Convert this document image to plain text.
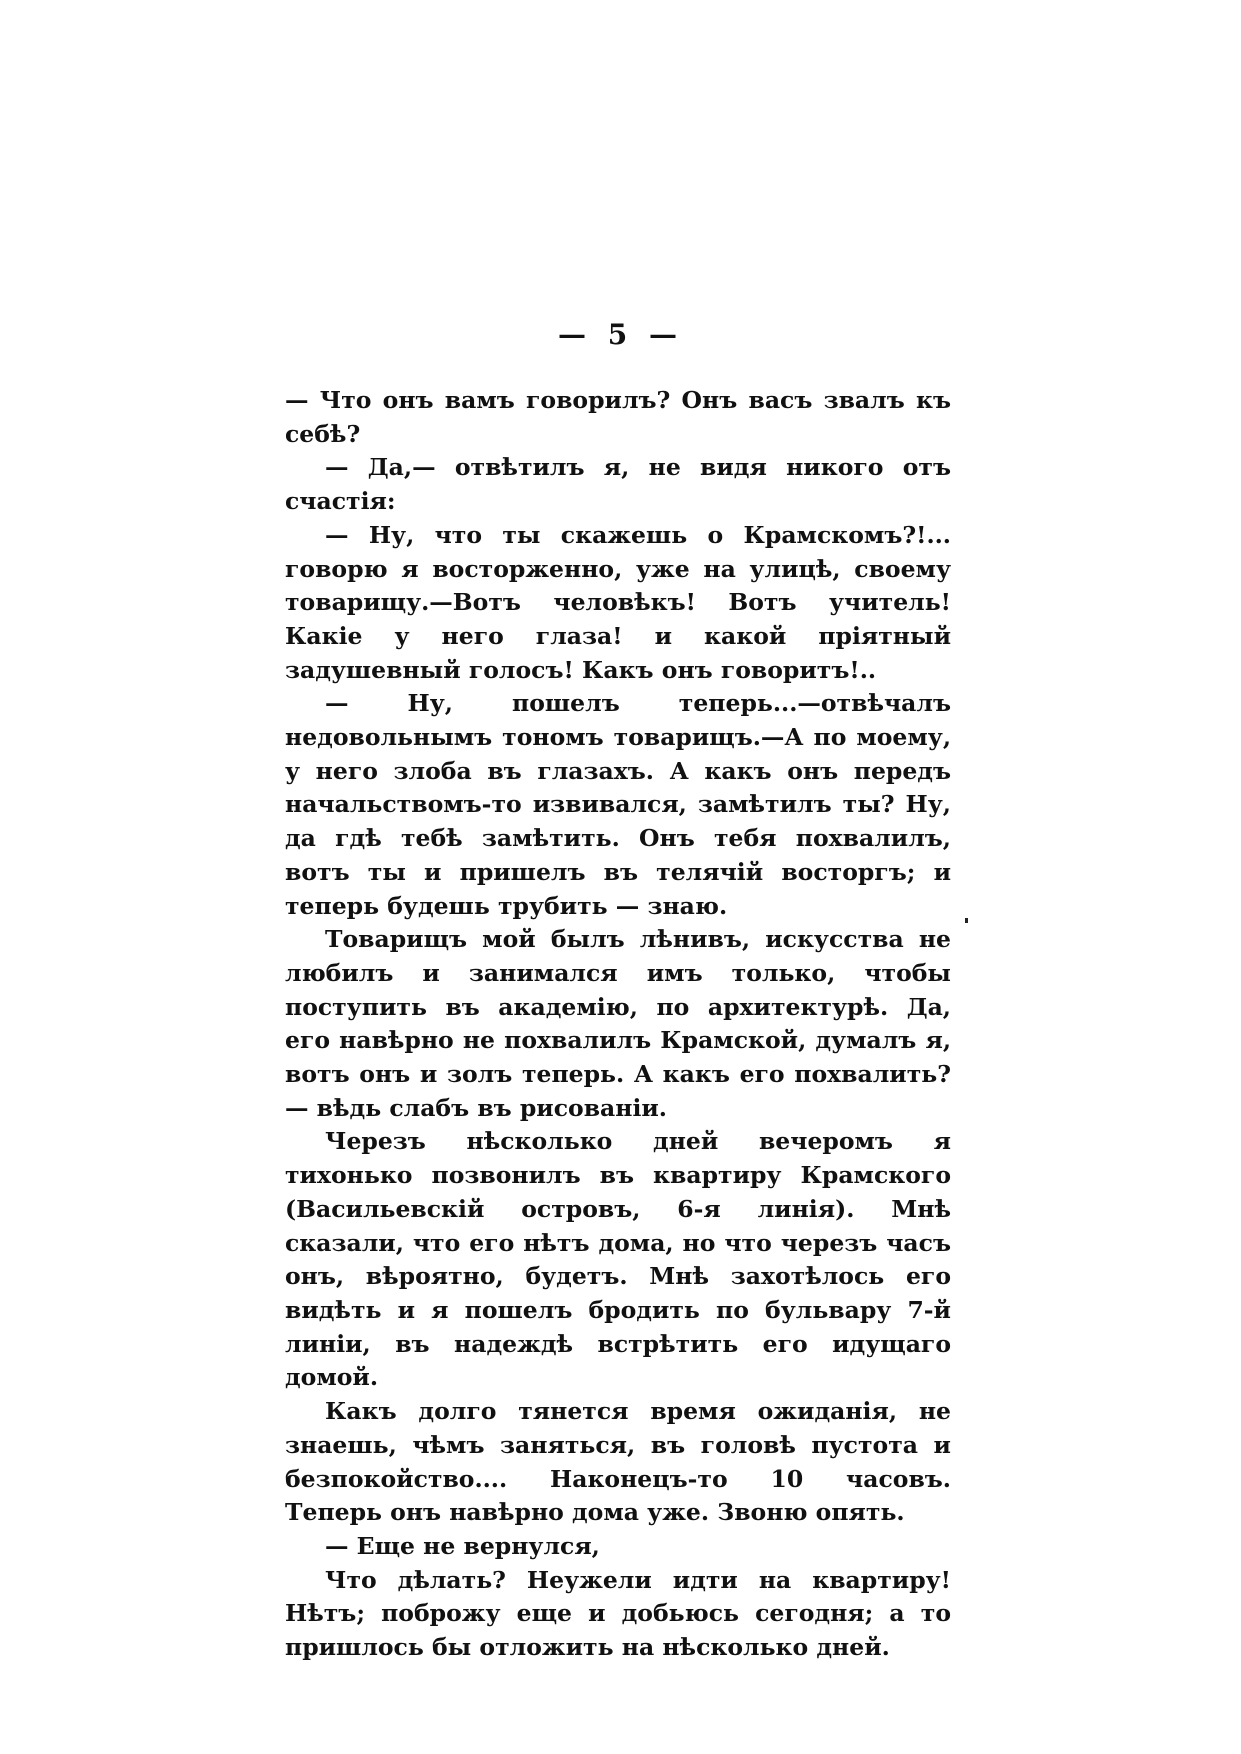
— 5 —

— Что онъ вамъ говорилъ? Онъ васъ звалъ къ себѣ?

— Да,— отвѣтилъ я, не видя никого отъ счастія:

— Ну, что ты скажешь о Крамскомъ?!... говорю я восторженно, уже на улицѣ, своему товарищу.—Вотъ человѣкъ! Вотъ учитель! Какіе у него глаза! и какой пріятный задушевный голосъ! Какъ онъ говоритъ!..

— Ну, пошелъ теперь...—отвѣчалъ недовольнымъ тономъ товарищъ.—А по моему, у него злоба въ глазахъ. А какъ онъ передъ начальствомъ-то извивался, замѣтилъ ты? Ну, да гдѣ тебѣ замѣтить. Онъ тебя похвалилъ, вотъ ты и пришелъ въ телячій восторгъ; и теперь будешь трубить — знаю.

Товарищъ мой былъ лѣнивъ, искусства не любилъ и занимался имъ только, чтобы поступить въ академію, по архитектурѣ. Да, его навѣрно не похвалилъ Крамской, думалъ я, вотъ онъ и золъ теперь. А какъ его похвалить? — вѣдь слабъ въ рисованіи.

Черезъ нѣсколько дней вечеромъ я тихонько позвонилъ въ квартиру Крамского (Васильевскій островъ, 6-я линія). Мнѣ сказали, что его нѣтъ дома, но что черезъ часъ онъ, вѣроятно, будетъ. Мнѣ захотѣлось его видѣть и я пошелъ бродить по бульвару 7-й линіи, въ надеждѣ встрѣтить его идущаго домой.

Какъ долго тянется время ожиданія, не знаешь, чѣмъ заняться, въ головѣ пустота и безпокойство.... Наконецъ-то 10 часовъ. Теперь онъ навѣрно дома уже. Звоню опять.

— Еще не вернулся,

Что дѣлать? Неужели идти на квартиру! Нѣтъ; поброжу еще и добьюсь сегодня; а то пришлось бы отложить на нѣсколько дней.
